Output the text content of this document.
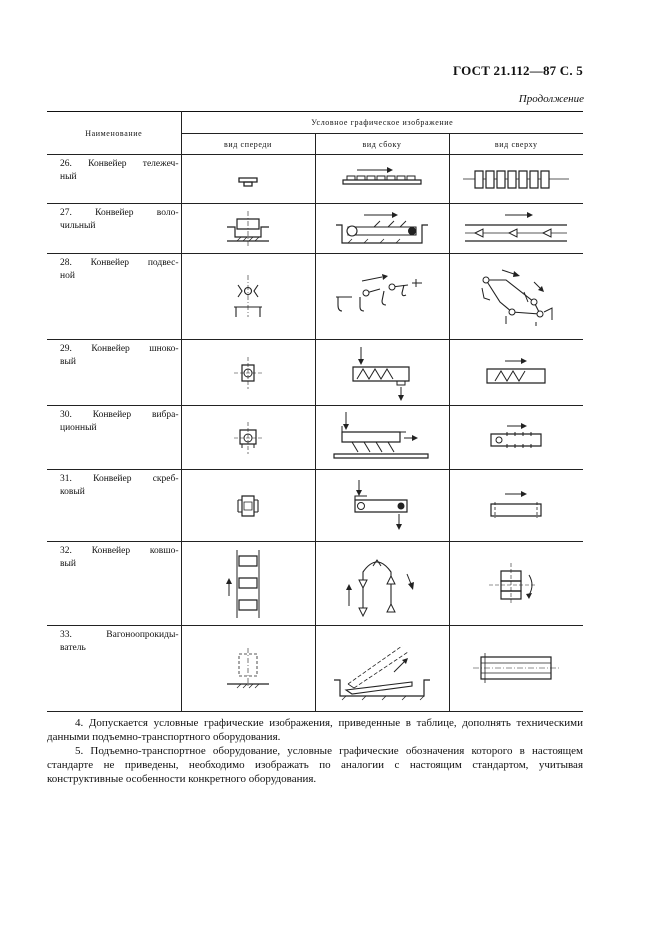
ГОСТ 21.112—87 С. 5
Продолжение
Наименование	Условное графическое изображение		
	вид спереди	вид сбоку	вид сверху

26. Конвейер тележеч-
ный	

27. Конвейер воло-
чильный	

28. Конвейер подвес-
ной	

29. Конвейер шноко-
вый	

30. Конвейер вибра-
ционный	

31. Конвейер скреб-
ковый	

32. Конвейер ковшо-
вый	

33. Вагоноопрокиды-
ватель	

4. Допускается условные графические изображения, приведенные в таблице, дополнять техническими данными подъемно-транспортного оборудования.
5. Подъемно-транспортное оборудование, условные графические обозначения которого в настоящем стандарте не приведены, необходимо изображать по аналогии с настоящим стандартом, учитывая конструктивные особенности конкретного оборудования.
